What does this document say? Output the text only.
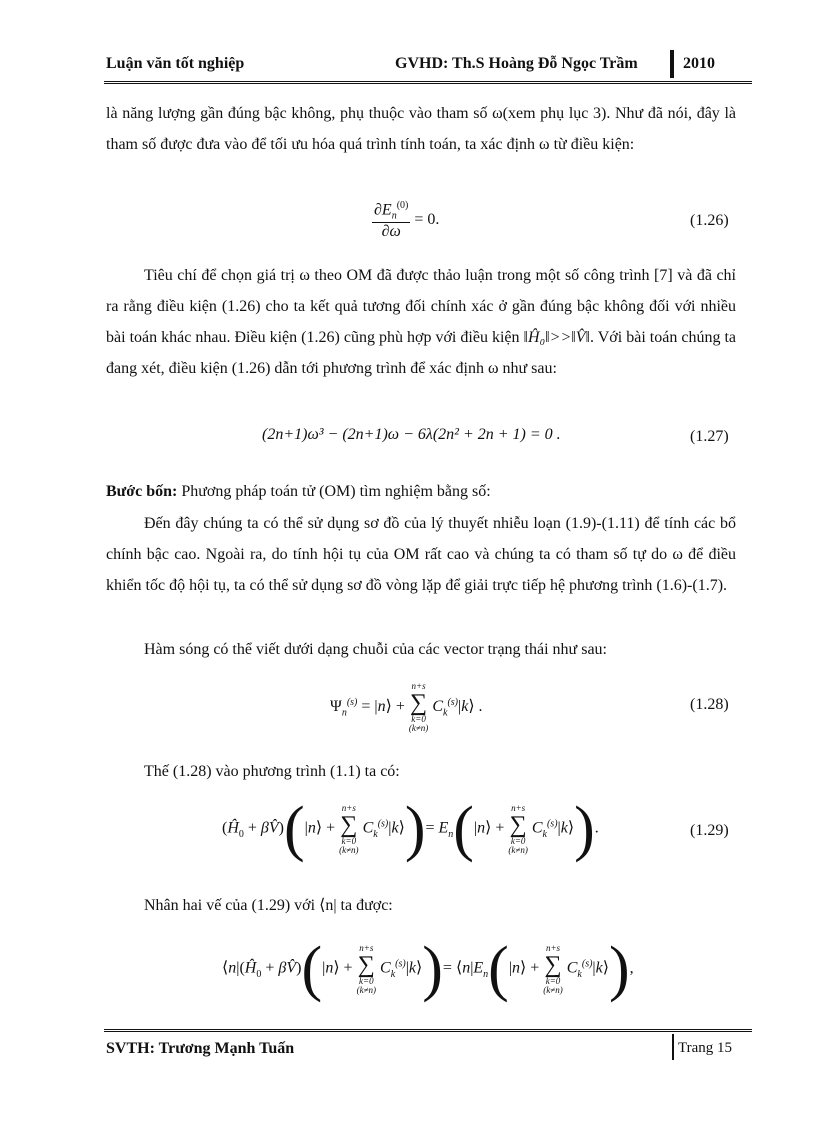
Luận văn tốt nghiệp	GVHD: Th.S Hoàng Đỗ Ngọc Trầm	2010
là năng lượng gần đúng bậc không, phụ thuộc vào tham số ω(xem phụ lục 3). Như đã nói, đây là tham số được đưa vào để tối ưu hóa quá trình tính toán, ta xác định ω từ điều kiện:
$\frac{\partial E_n^{(0)}}{\partial\omega} = 0$.	(1.26)
Tiêu chí để chọn giá trị ω theo OM đã được thảo luận trong một số công trình [7] và đã chỉ ra rằng điều kiện (1.26) cho ta kết quả tương đối chính xác ở gần đúng bậc không đối với nhiều bài toán khác nhau. Điều kiện (1.26) cũng phù hợp với điều kiện ‖Ĥ₀‖>>‖V̂‖. Với bài toán chúng ta đang xét, điều kiện (1.26) dẫn tới phương trình để xác định ω như sau:
(2n+1)ω³ − (2n+1)ω − 6λ(2n² + 2n + 1) = 0 .	(1.27)
Bước bốn: Phương pháp toán tử (OM) tìm nghiệm bằng số:
Đến đây chúng ta có thể sử dụng sơ đồ của lý thuyết nhiễu loạn (1.9)-(1.11) để tính các bổ chính bậc cao. Ngoài ra, do tính hội tụ của OM rất cao và chúng ta có tham số tự do ω để điều khiển tốc độ hội tụ, ta có thể sử dụng sơ đồ vòng lặp để giải trực tiếp hệ phương trình (1.6)-(1.7).
Hàm sóng có thể viết dưới dạng chuỗi của các vector trạng thái như sau:
$\Psi_n^{(s)}$ = |n⟩ +
n+s
∑
k=0
(k≠n)
$C_k^{(s)}|k⟩$ .	(1.28)
Thế (1.28) vào phương trình (1.1) ta có:
($Ĥ_0$ + βV̂)(|n⟩ +
n+s
∑
k=0
(k≠n)
$C_k^{(s)}|k⟩)=$ $E_n(|n⟩$ +
n+s
∑
k=0
(k≠n)
$C_k^{(s)}|k⟩$).	(1.29)
Nhân hai vế của (1.29) với ⟨n| ta được:
$⟨n|(Ĥ_0$ + βV̂)(|n⟩ +
n+s
∑
k=0
(k≠n)
$C_k^{(s)}|k⟩)=$ $⟨n|E_n(|n⟩$ +
n+s
∑
k=0
(k≠n)
$C_k^{(s)}|k⟩$),
SVTH: Trương Mạnh Tuấn	Trang 15
